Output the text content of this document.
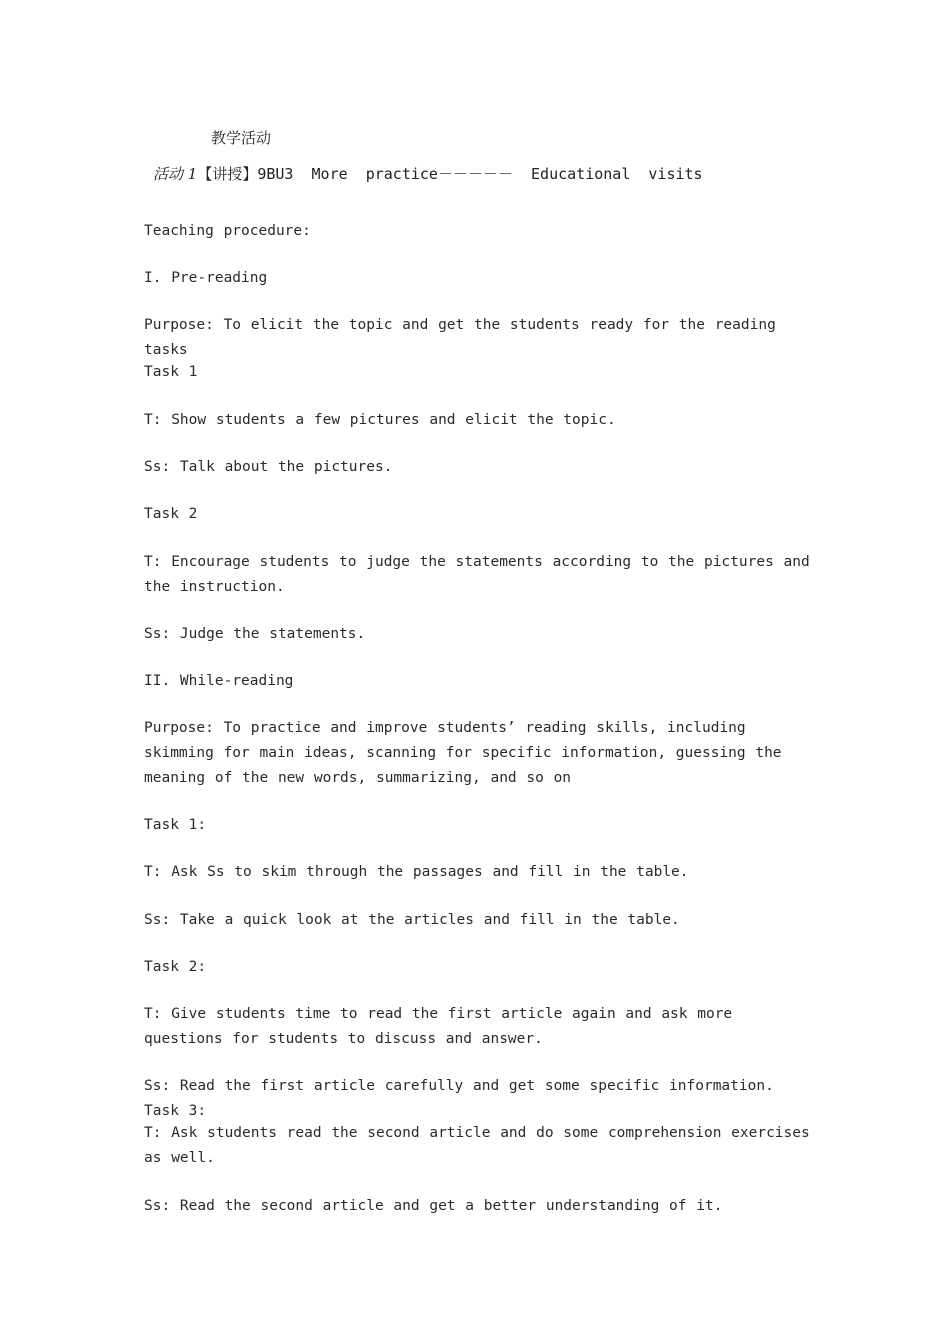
教学活动
活动 1【讲授】9BU3  More  practice－－－－－  Educational  visits
Teaching procedure:
I. Pre-reading
Purpose: To elicit the topic and get the students ready for the reading tasks
Task 1
T: Show students a few pictures and elicit the topic.
Ss: Talk about the pictures.
Task 2
T: Encourage students to judge the statements according to the pictures and the instruction.
Ss: Judge the statements.
II. While-reading
Purpose: To practice and improve students’ reading skills, including skimming for main ideas, scanning for specific information, guessing the meaning of the new words, summarizing, and so on
Task 1:
T: Ask Ss to skim through the passages and fill in the table.
Ss: Take a quick look at the articles and fill in the table.
Task 2:
T: Give students time to read the first article again and ask more questions for students to discuss and answer.
Ss: Read the first article carefully and get some specific information. Task 3:
T: Ask students read the second article and do some comprehension exercises as well.
Ss: Read the second article and get a better understanding of it.
